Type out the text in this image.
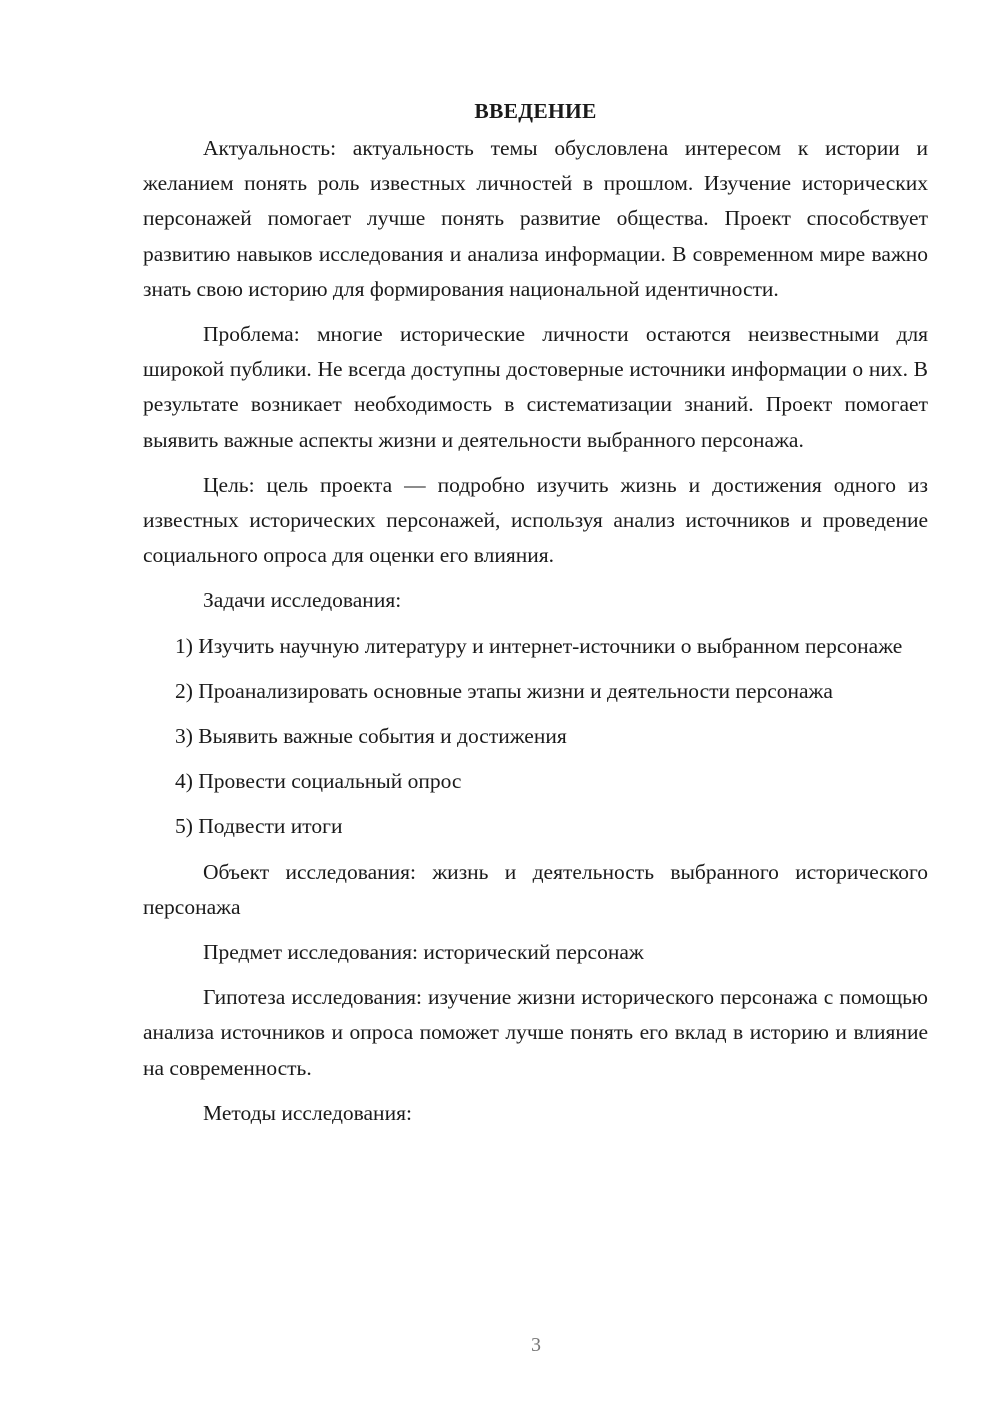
ВВЕДЕНИЕ

Актуальность: актуальность темы обусловлена интересом к истории и желанием понять роль известных личностей в прошлом. Изучение исторических персонажей помогает лучше понять развитие общества. Проект способствует развитию навыков исследования и анализа информации. В современном мире важно знать свою историю для формирования национальной идентичности.

Проблема: многие исторические личности остаются неизвестными для широкой публики. Не всегда доступны достоверные источники информации о них. В результате возникает необходимость в систематизации знаний. Проект помогает выявить важные аспекты жизни и деятельности выбранного персонажа.

Цель: цель проекта — подробно изучить жизнь и достижения одного из известных исторических персонажей, используя анализ источников и проведение социального опроса для оценки его влияния.

Задачи исследования:

1) Изучить научную литературу и интернет-источники о выбранном персонаже

2) Проанализировать основные этапы жизни и деятельности персонажа

3) Выявить важные события и достижения

4) Провести социальный опрос

5) Подвести итоги

Объект исследования: жизнь и деятельность выбранного исторического персонажа

Предмет исследования: исторический персонаж

Гипотеза исследования: изучение жизни исторического персонажа с помощью анализа источников и опроса поможет лучше понять его вклад в историю и влияние на современность.

Методы исследования:

3
